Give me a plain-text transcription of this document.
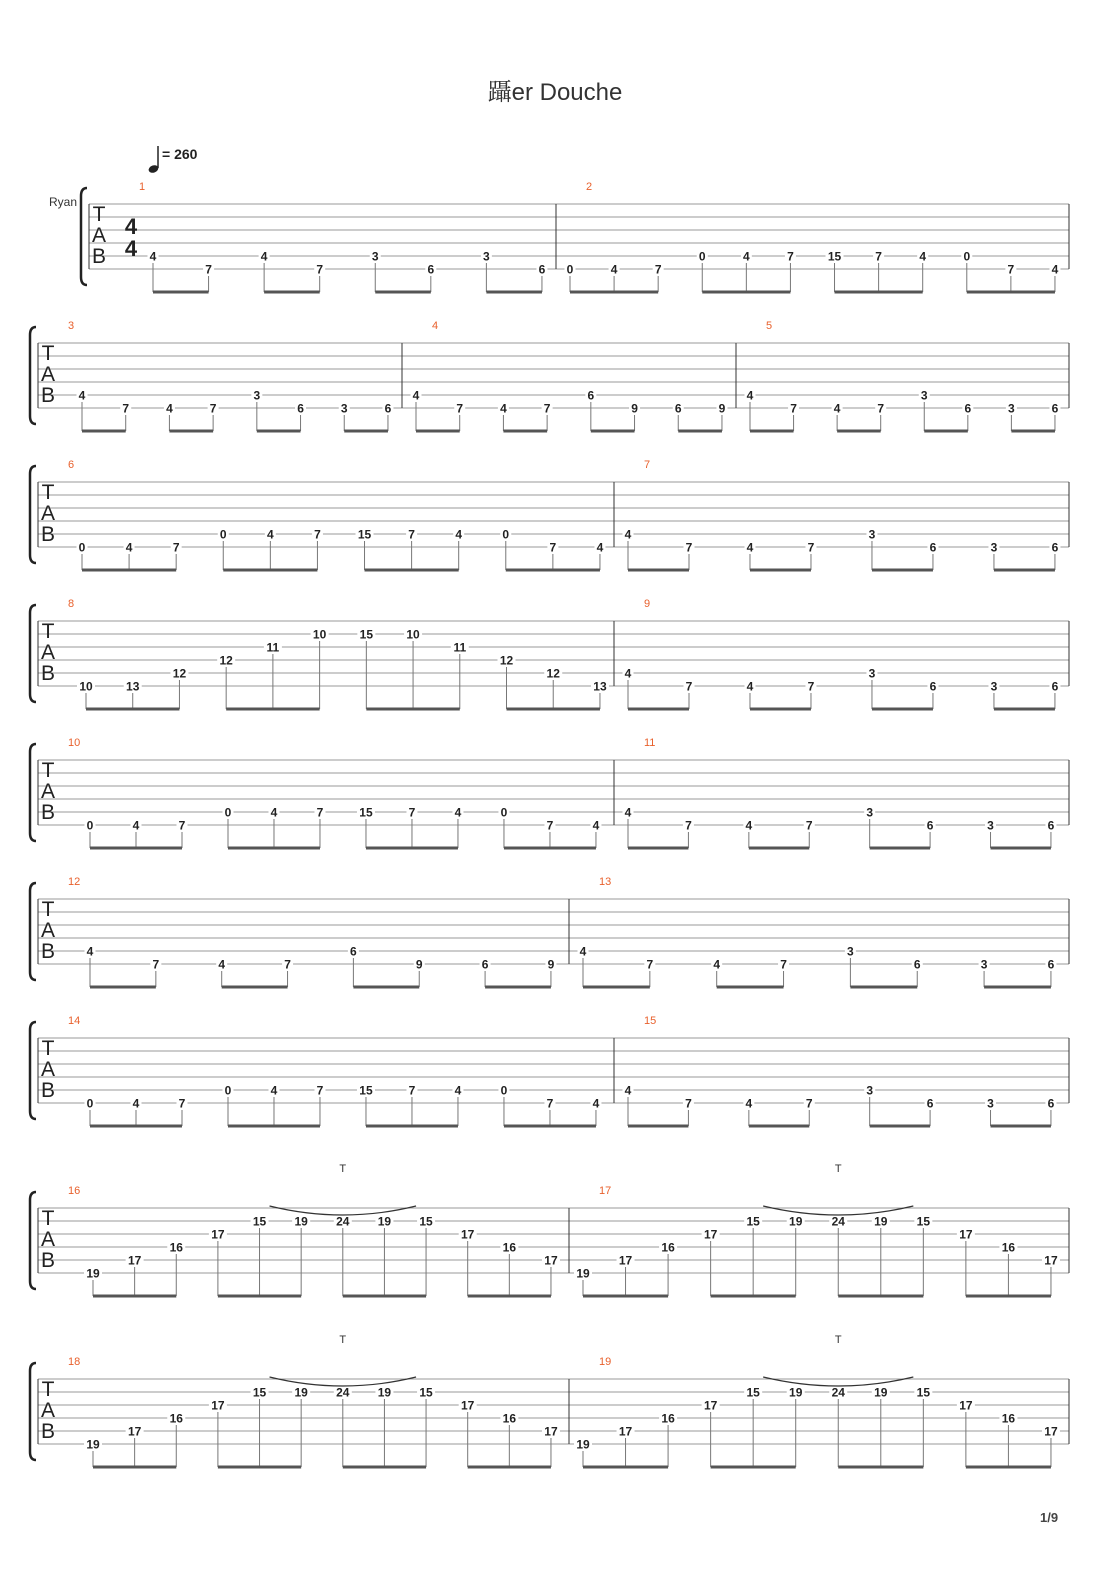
躡er Douche
= 260
Ryan
T
A
B
4
4
1
4
7
4
7
3
6
3
6
2
0	4	7
0	4	7	15	7	4	0
7	4
T
A
B
3
4
7	4	7
3
6	3	6
4
4
7	4	7
6
9	6	9
5
4
7	4	7
3
6	3	6
T
A
B
6
0	4	7
0	4	7	15	7	4	0
7	4
7
4
7	4	7
3
6	3	6
T
A
B
8
10	13
12
12
11
10	15	10
11
12
12
13
9
4
7	4	7
3
6	3	6
T
A
B
10
0	4	7
0	4	7	15	7	4	0
7	4
11
4
7	4	7
3
6	3	6
T
A
B
12
4
7	4	7
6
9	6	9
13
4
7	4	7
3
6	3	6
T
A
B
14
0	4	7
0	4	7	15	7	4	0
7	4
15
4
7	4	7
3
6	3	6
T
A
B
16
19
17
16
17
15 19 24 19 15
17
16
17
T
17
19
17
16
17
15 19 24 19 15
17
16
17
T
T
A
B
18
19
17
16
17
15 19 24 19 15
17
16
17
T
19
19
17
16
17
15 19 24 19 15
17
16
17
T
1/9
